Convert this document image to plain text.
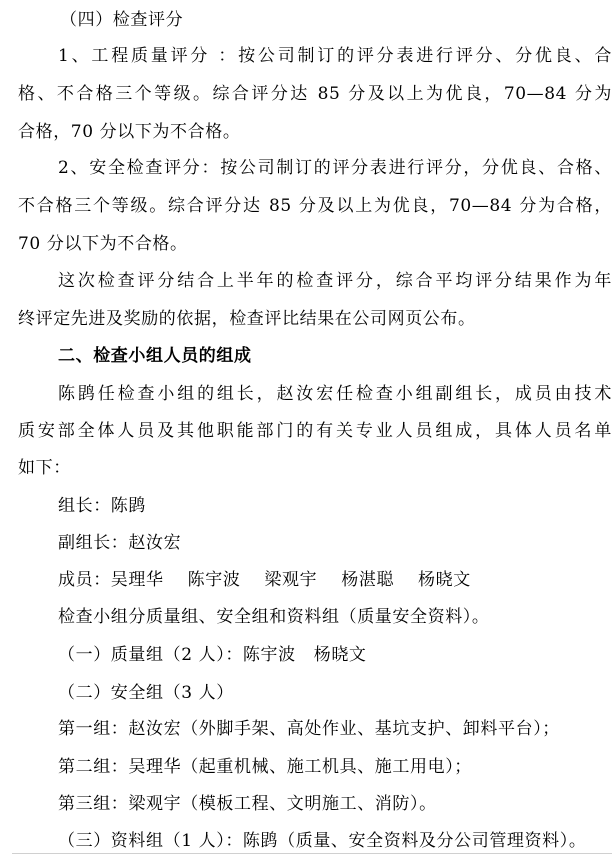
（四）检查评分
1、工程质量评分 ：按公司制订的评分表进行评分、分优良、合
格、不合格三个等级。综合评分达 85 分及以上为优良，70—84 分为
合格，70 分以下为不合格。
2、安全检查评分：按公司制订的评分表进行评分，分优良、合格、
不合格三个等级。综合评分达 85 分及以上为优良，70—84 分为合格，
70 分以下为不合格。
这次检查评分结合上半年的检查评分，综合平均评分结果作为年
终评定先进及奖励的依据，检查评比结果在公司网页公布。
二、检查小组人员的组成
陈鹍任检查小组的组长，赵汝宏任检查小组副组长，成员由技术
质安部全体人员及其他职能部门的有关专业人员组成，具体人员名单
如下：
组长：陈鹍
副组长：赵汝宏
成员：吴理华    陈宇波    梁观宇    杨湛聪    杨晓文
检查小组分质量组、安全组和资料组（质量安全资料）。
（一）质量组（2 人）：陈宇波   杨晓文
（二）安全组（3 人）
第一组：赵汝宏（外脚手架、高处作业、基坑支护、卸料平台）；
第二组：吴理华（起重机械、施工机具、施工用电）；
第三组：梁观宇（模板工程、文明施工、消防）。
（三）资料组（1 人）：陈鹍（质量、安全资料及分公司管理资料）。
